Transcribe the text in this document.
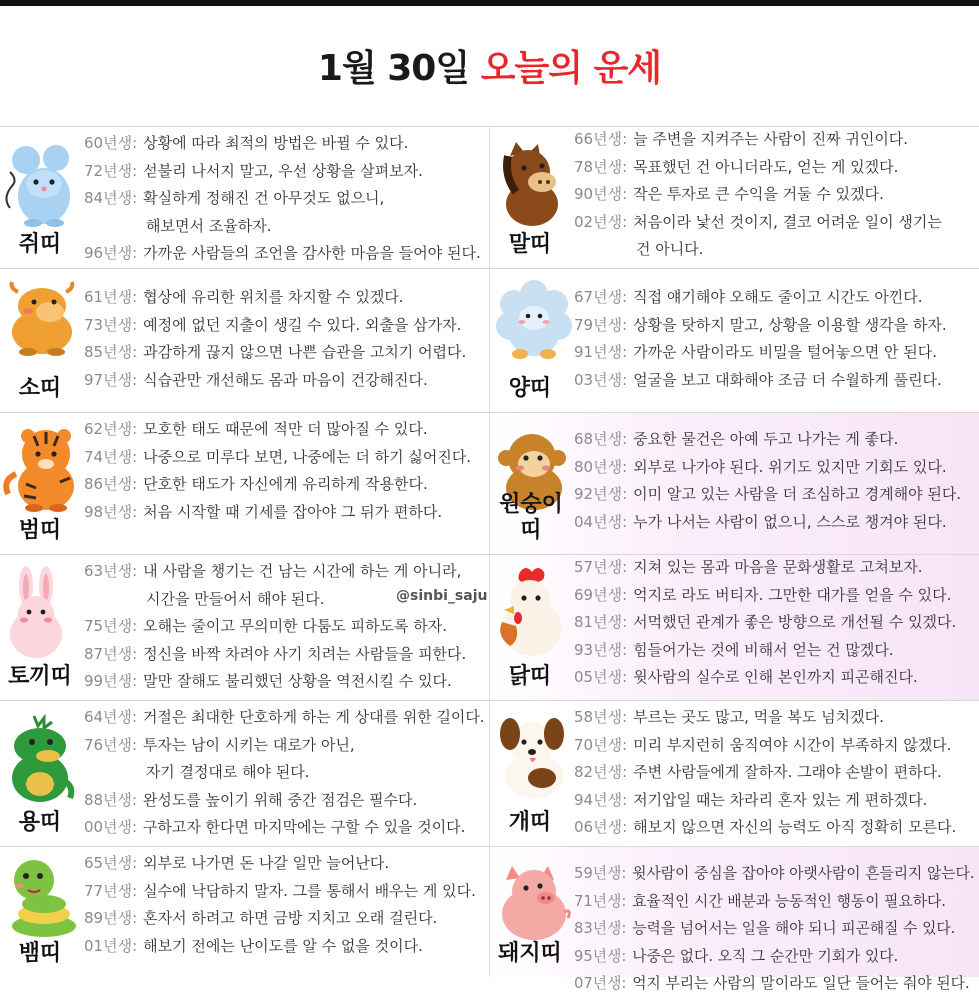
1월 30일 오늘의 운세
쥐띠
60년생: 상황에 따라 최적의 방법은 바뀔 수 있다.
72년생: 섣불리 나서지 말고, 우선 상황을 살펴보자.
84년생: 확실하게 정해진 건 아무것도 없으니,
해보면서 조율하자.
96년생: 가까운 사람들의 조언을 감사한 마음을 들어야 된다.
소띠
61년생: 협상에 유리한 위치를 차지할 수 있겠다.
73년생: 예정에 없던 지출이 생길 수 있다. 외출을 삼가자.
85년생: 과감하게 끊지 않으면 나쁜 습관을 고치기 어렵다.
97년생: 식습관만 개선해도 몸과 마음이 건강해진다.
범띠
62년생: 모호한 태도 때문에 적만 더 많아질 수 있다.
74년생: 나중으로 미루다 보면, 나중에는 더 하기 싫어진다.
86년생: 단호한 태도가 자신에게 유리하게 작용한다.
98년생: 처음 시작할 때 기세를 잡아야 그 뒤가 편하다.
토끼띠
63년생: 내 사람을 챙기는 건 남는 시간에 하는 게 아니라,
시간을 만들어서 해야 된다.
75년생: 오해는 줄이고 무의미한 다툼도 피하도록 하자.
87년생: 정신을 바짝 차려야 사기 치려는 사람들을 피한다.
99년생: 말만 잘해도 불리했던 상황을 역전시킬 수 있다.
용띠
64년생: 거절은 최대한 단호하게 하는 게 상대를 위한 길이다.
76년생: 투자는 남이 시키는 대로가 아닌,
자기 결정대로 해야 된다.
88년생: 완성도를 높이기 위해 중간 점검은 필수다.
00년생: 구하고자 한다면 마지막에는 구할 수 있을 것이다.
뱀띠
65년생: 외부로 나가면 돈 나갈 일만 늘어난다.
77년생: 실수에 낙담하지 말자. 그를 통해서 배우는 게 있다.
89년생: 혼자서 하려고 하면 금방 지치고 오래 걸린다.
01년생: 해보기 전에는 난이도를 알 수 없을 것이다.
말띠
66년생: 늘 주변을 지켜주는 사람이 진짜 귀인이다.
78년생: 목표했던 건 아니더라도, 얻는 게 있겠다.
90년생: 작은 투자로 큰 수익을 거둘 수 있겠다.
02년생: 처음이라 낯선 것이지, 결코 어려운 일이 생기는
건 아니다.
양띠
67년생: 직접 얘기해야 오해도 줄이고 시간도 아낀다.
79년생: 상황을 탓하지 말고, 상황을 이용할 생각을 하자.
91년생: 가까운 사람이라도 비밀을 털어놓으면 안 된다.
03년생: 얼굴을 보고 대화해야 조금 더 수월하게 풀린다.
원숭이띠
68년생: 중요한 물건은 아예 두고 나가는 게 좋다.
80년생: 외부로 나가야 된다. 위기도 있지만 기회도 있다.
92년생: 이미 알고 있는 사람을 더 조심하고 경계해야 된다.
04년생: 누가 나서는 사람이 없으니, 스스로 챙겨야 된다.
닭띠
57년생: 지쳐 있는 몸과 마음을 문화생활로 고쳐보자.
69년생: 억지로 라도 버티자. 그만한 대가를 얻을 수 있다.
81년생: 서먹했던 관계가 좋은 방향으로 개선될 수 있겠다.
93년생: 힘들어가는 것에 비해서 얻는 건 많겠다.
05년생: 윗사람의 실수로 인해 본인까지 피곤해진다.
개띠
58년생: 부르는 곳도 많고, 먹을 복도 넘치겠다.
70년생: 미리 부지런히 움직여야 시간이 부족하지 않겠다.
82년생: 주변 사람들에게 잘하자. 그래야 손발이 편하다.
94년생: 저기압일 때는 차라리 혼자 있는 게 편하겠다.
06년생: 해보지 않으면 자신의 능력도 아직 정확히 모른다.
돼지띠
59년생: 윗사람이 중심을 잡아야 아랫사람이 흔들리지 않는다.
71년생: 효율적인 시간 배분과 능동적인 행동이 필요하다.
83년생: 능력을 넘어서는 일을 해야 되니 피곤해질 수 있다.
95년생: 나중은 없다. 오직 그 순간만 기회가 있다.
07년생: 억지 부리는 사람의 말이라도 일단 들어는 줘야 된다.
@sinbi_saju
